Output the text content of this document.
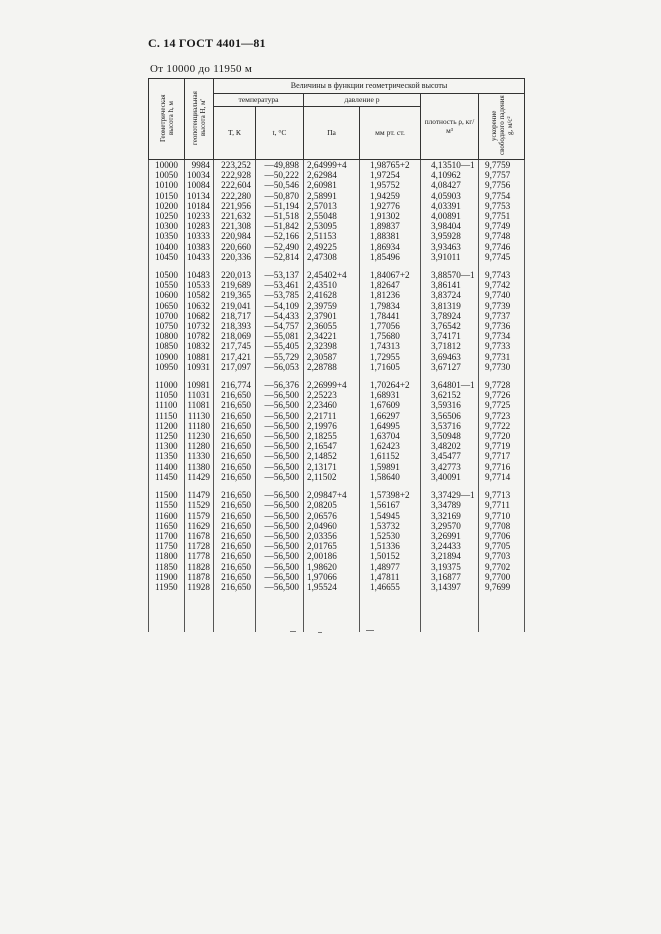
С. 14 ГОСТ 4401—81
От 10000 до 11950 м
Геометрическая высота h, м	геопотенциальная высота H, м'	Величины в функции геометрической высоты					
		температура		давление p		плотность ρ, кг/м³	ускорение свободного падения g, м/с²
		T, К	t, °С	Па	мм рт. ст.		
10000	9984	223,252	—49,898	2,64999+4	1,98765+2	4,13510—1	9,7759
10050	10034	222,928	—50,222	2,62984	1,97254	4,10962	9,7757
10100	10084	222,604	—50,546	2,60981	1,95752	4,08427	9,7756
10150	10134	222,280	—50,870	2,58991	1,94259	4,05903	9,7754
10200	10184	221,956	—51,194	2,57013	1,92776	4,03391	9,7753
10250	10233	221,632	—51,518	2,55048	1,91302	4,00891	9,7751
10300	10283	221,308	—51,842	2,53095	1,89837	3,98404	9,7749
10350	10333	220,984	—52,166	2,51153	1,88381	3,95928	9,7748
10400	10383	220,660	—52,490	2,49225	1,86934	3,93463	9,7746
10450	10433	220,336	—52,814	2,47308	1,85496	3,91011	9,7745
10500	10483	220,013	—53,137	2,45402+4	1,84067+2	3,88570—1	9,7743
10550	10533	219,689	—53,461	2,43510	1,82647	3,86141	9,7742
10600	10582	219,365	—53,785	2,41628	1,81236	3,83724	9,7740
10650	10632	219,041	—54,109	2,39759	1,79834	3,81319	9,7739
10700	10682	218,717	—54,433	2,37901	1,78441	3,78924	9,7737
10750	10732	218,393	—54,757	2,36055	1,77056	3,76542	9,7736
10800	10782	218,069	—55,081	2,34221	1,75680	3,74171	9,7734
10850	10832	217,745	—55,405	2,32398	1,74313	3,71812	9,7733
10900	10881	217,421	—55,729	2,30587	1,72955	3,69463	9,7731
10950	10931	217,097	—56,053	2,28788	1,71605	3,67127	9,7730
11000	10981	216,774	—56,376	2,26999+4	1,70264+2	3,64801—1	9,7728
11050	11031	216,650	—56,500	2,25223	1,68931	3,62152	9,7726
11100	11081	216,650	—56,500	2,23460	1,67609	3,59316	9,7725
11150	11130	216,650	—56,500	2,21711	1,66297	3,56506	9,7723
11200	11180	216,650	—56,500	2,19976	1,64995	3,53716	9,7722
11250	11230	216,650	—56,500	2,18255	1,63704	3,50948	9,7720
11300	11280	216,650	—56,500	2,16547	1,62423	3,48202	9,7719
11350	11330	216,650	—56,500	2,14852	1,61152	3,45477	9,7717
11400	11380	216,650	—56,500	2,13171	1,59891	3,42773	9,7716
11450	11429	216,650	—56,500	2,11502	1,58640	3,40091	9,7714
11500	11479	216,650	—56,500	2,09847+4	1,57398+2	3,37429—1	9,7713
11550	11529	216,650	—56,500	2,08205	1,56167	3,34789	9,7711
11600	11579	216,650	—56,500	2,06576	1,54945	3,32169	9,7710
11650	11629	216,650	—56,500	2,04960	1,53732	3,29570	9,7708
11700	11678	216,650	—56,500	2,03356	1,52530	3,26991	9,7706
11750	11728	216,650	—56,500	2,01765	1,51336	3,24433	9,7705
11800	11778	216,650	—56,500	2,00186	1,50152	3,21894	9,7703
11850	11828	216,650	—56,500	1,98620	1,48977	3,19375	9,7702
11900	11878	216,650	—56,500	1,97066	1,47811	3,16877	9,7700
11950	11928	216,650	—56,500	1,95524	1,46655	3,14397	9,7699
